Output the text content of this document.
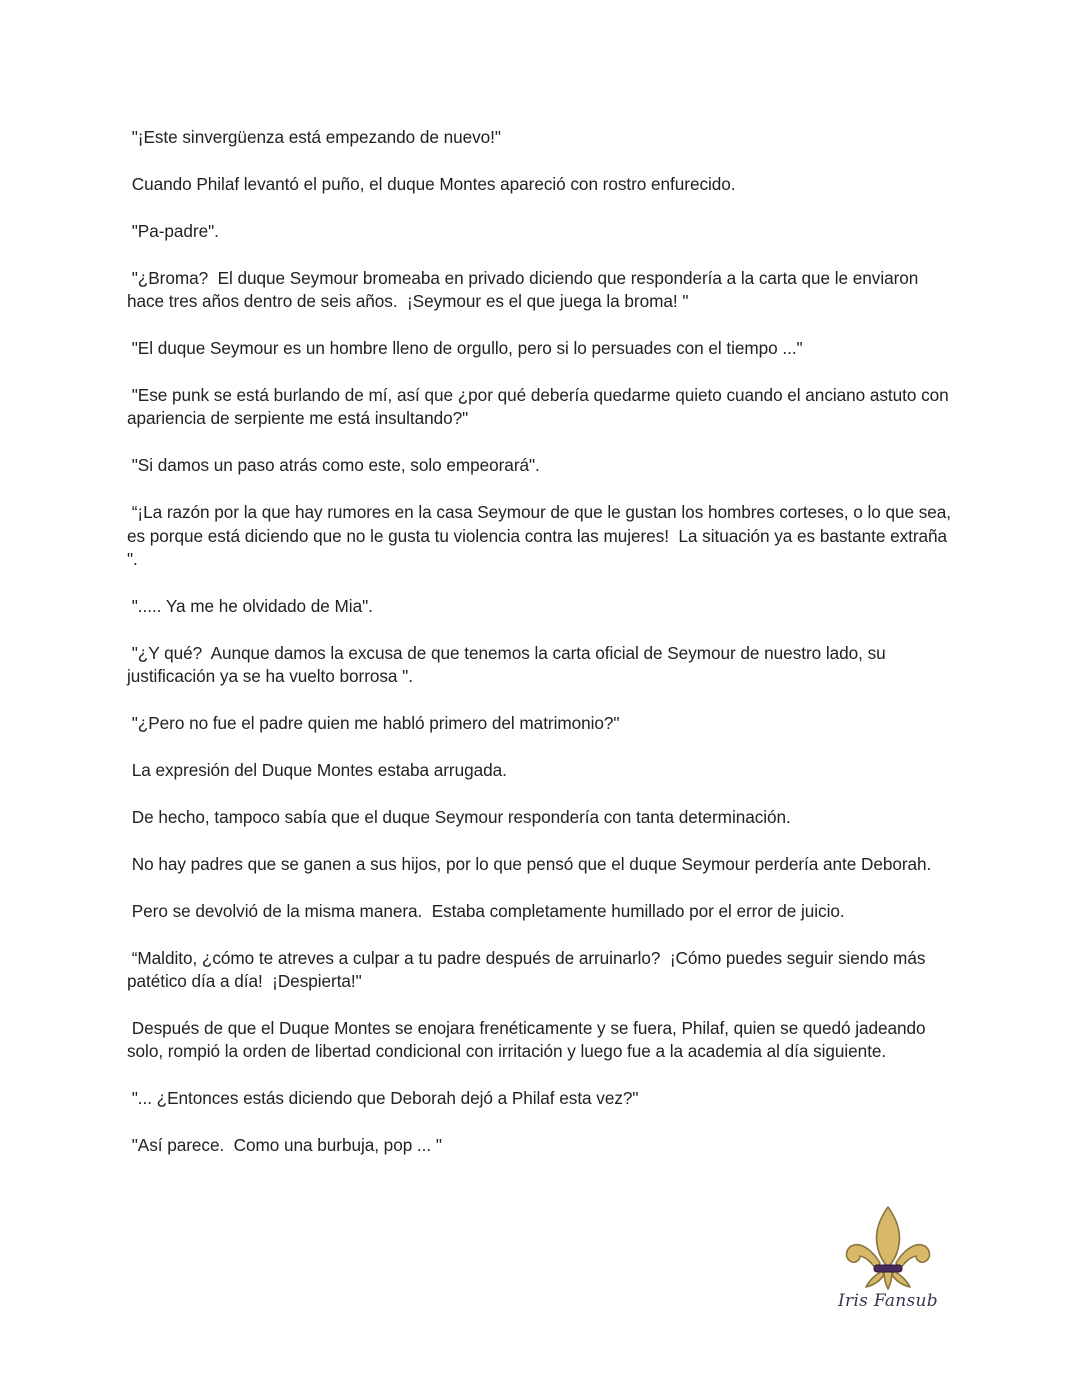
"¡Este sinvergüenza está empezando de nuevo!"

Cuando Philaf levantó el puño, el duque Montes apareció con rostro enfurecido.

"Pa-padre".

"¿Broma?  El duque Seymour bromeaba en privado diciendo que respondería a la carta que le enviaron hace tres años dentro de seis años.  ¡Seymour es el que juega la broma! "

"El duque Seymour es un hombre lleno de orgullo, pero si lo persuades con el tiempo ..."

"Ese punk se está burlando de mí, así que ¿por qué debería quedarme quieto cuando el anciano astuto con apariencia de serpiente me está insultando?"

"Si damos un paso atrás como este, solo empeorará".

“¡La razón por la que hay rumores en la casa Seymour de que le gustan los hombres corteses, o lo que sea, es porque está diciendo que no le gusta tu violencia contra las mujeres!  La situación ya es bastante extraña ".

"..... Ya me he olvidado de Mia".

"¿Y qué?  Aunque damos la excusa de que tenemos la carta oficial de Seymour de nuestro lado, su justificación ya se ha vuelto borrosa ".

"¿Pero no fue el padre quien me habló primero del matrimonio?"

La expresión del Duque Montes estaba arrugada.

De hecho, tampoco sabía que el duque Seymour respondería con tanta determinación.

No hay padres que se ganen a sus hijos, por lo que pensó que el duque Seymour perdería ante Deborah.

Pero se devolvió de la misma manera.  Estaba completamente humillado por el error de juicio.

“Maldito, ¿cómo te atreves a culpar a tu padre después de arruinarlo?  ¡Cómo puedes seguir siendo más patético día a día!  ¡Despierta!"

Después de que el Duque Montes se enojara frenéticamente y se fuera, Philaf, quien se quedó jadeando solo, rompió la orden de libertad condicional con irritación y luego fue a la academia al día siguiente.

"... ¿Entonces estás diciendo que Deborah dejó a Philaf esta vez?"

"Así parece.  Como una burbuja, pop ... "

Iris Fansub
